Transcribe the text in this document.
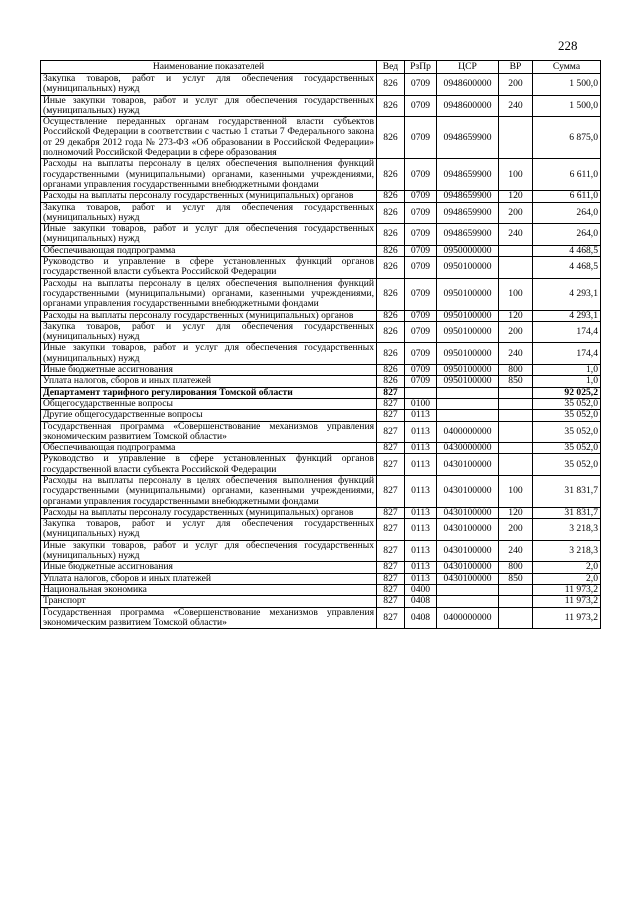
228
Наименование показателей	Вед	РзПр	ЦСР	ВР	Сумма
Закупка товаров, работ и услуг для обеспечения государственных (муниципальных) нужд	826	0709	0948600000	200	1 500,0
Иные закупки товаров, работ и услуг для обеспечения государственных (муниципальных) нужд	826	0709	0948600000	240	1 500,0
Осуществление переданных органам государственной власти субъектов Российской Федерации в соответствии с частью 1 статьи 7 Федерального закона от 29 декабря 2012 года № 273-ФЗ «Об образовании в Российской Федерации» полномочий Российской Федерации в сфере образования	826	0709	0948659900		6 875,0
Расходы на выплаты персоналу в целях обеспечения выполнения функций государственными (муниципальными) органами, казенными учреждениями, органами управления государственными внебюджетными фондами	826	0709	0948659900	100	6 611,0
Расходы на выплаты персоналу государственных (муниципальных) органов	826	0709	0948659900	120	6 611,0
Закупка товаров, работ и услуг для обеспечения государственных (муниципальных) нужд	826	0709	0948659900	200	264,0
Иные закупки товаров, работ и услуг для обеспечения государственных (муниципальных) нужд	826	0709	0948659900	240	264,0
Обеспечивающая подпрограмма	826	0709	0950000000		4 468,5
Руководство и управление в сфере установленных функций органов государственной власти субъекта Российской Федерации	826	0709	0950100000		4 468,5
Расходы на выплаты персоналу в целях обеспечения выполнения функций государственными (муниципальными) органами, казенными учреждениями, органами управления государственными внебюджетными фондами	826	0709	0950100000	100	4 293,1
Расходы на выплаты персоналу государственных (муниципальных) органов	826	0709	0950100000	120	4 293,1
Закупка товаров, работ и услуг для обеспечения государственных (муниципальных) нужд	826	0709	0950100000	200	174,4
Иные закупки товаров, работ и услуг для обеспечения государственных (муниципальных) нужд	826	0709	0950100000	240	174,4
Иные бюджетные ассигнования	826	0709	0950100000	800	1,0
Уплата налогов, сборов и иных платежей	826	0709	0950100000	850	1,0
Департамент тарифного регулирования Томской области	827				92 025,2
Общегосударственные вопросы	827	0100			35 052,0
Другие общегосударственные вопросы	827	0113			35 052,0
Государственная программа «Совершенствование механизмов управления экономическим развитием Томской области»	827	0113	0400000000		35 052,0
Обеспечивающая подпрограмма	827	0113	0430000000		35 052,0
Руководство и управление в сфере установленных функций органов государственной власти субъекта Российской Федерации	827	0113	0430100000		35 052,0
Расходы на выплаты персоналу в целях обеспечения выполнения функций государственными (муниципальными) органами, казенными учреждениями, органами управления государственными внебюджетными фондами	827	0113	0430100000	100	31 831,7
Расходы на выплаты персоналу государственных (муниципальных) органов	827	0113	0430100000	120	31 831,7
Закупка товаров, работ и услуг для обеспечения государственных (муниципальных) нужд	827	0113	0430100000	200	3 218,3
Иные закупки товаров, работ и услуг для обеспечения государственных (муниципальных) нужд	827	0113	0430100000	240	3 218,3
Иные бюджетные ассигнования	827	0113	0430100000	800	2,0
Уплата налогов, сборов и иных платежей	827	0113	0430100000	850	2,0
Национальная экономика	827	0400			11 973,2
Транспорт	827	0408			11 973,2
Государственная программа «Совершенствование механизмов управления экономическим развитием Томской области»	827	0408	0400000000		11 973,2
